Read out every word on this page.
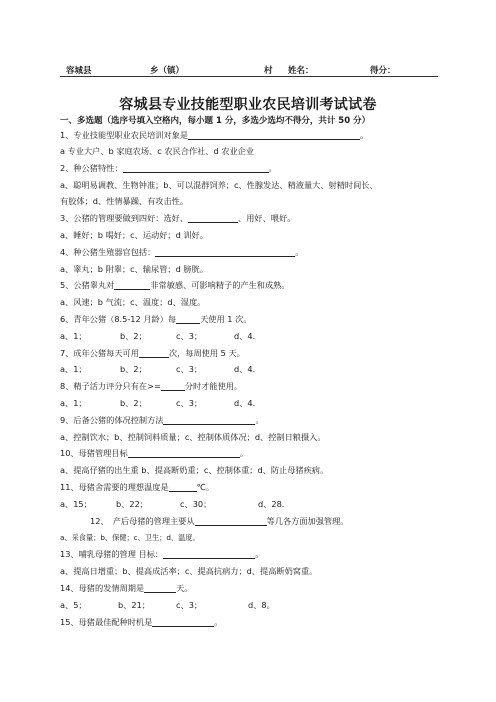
容城县	乡（镇）	村 姓名：	得分：
容城县专业技能型职业农民培训考试试卷
一、多选题（选序号填入空格内，每小题 1 分，多选少选均不得分，共计 50 分）
1、专业技能型职业农民培训对象是	。
a 专业大户、b 家庭农场、c 农民合作社、d 农业企业
2、种公猪特性：	。
a、聪明易调教、生物钟准；b、可以混群饲养；c、性腺发达、精液量大、射精时间长、
有胶体；d、性情暴躁、有攻击性。
3、公猪的管理要做到四好：选好、	、用好、喂好。
a、睡好；b 喝好；c、运动好；d 训好。
4、种公猪生殖器官包括：	。
a、睾丸；b 附睾；c、输尿管；d 膀胱。
5、公猪睾丸对	非常敏感、可影响精子的产生和成熟。
a、风速；b 气流；c、温度；d、湿度。
6、青年公猪（8.5-12 月龄）每	天使用 1 次。
a、1；	b、2；	c、3；	d、4.
7、成年公猪每天可用	次，每周使用 5 天。
a、1；	b、2；	c、3；	d、4.
8、精子活力评分只有在>=	分时才能使用。
a、1；	b、2；	c、3；	d、4.
9、后备公猪的体况控制方法	。
a、控制饮水；b、控制饲料质量；c、控制体质体况；d、控制日粮摄入。
10、母猪管理目标	。
a、提高仔猪的出生重 b、提高断奶重；c、控制体重；d、防止母猪疾病。
11、母猪舍需要的理想温度是	℃。
a、15；	b、22；	c、30；	d、28.
12、　产后母猪的管理主要从	等几各方面加强管理。
a、采食量；b、保健；c、卫生；d、温度。
13、哺乳母猪的管理 目标：	。
a、提高日增重；b、提高成活率；c、提高抗病力；d、提高断奶窝重。
14、母猪的发情周期是	天。
a、5；	b、21；	c、3；	d、8。
15、母猪最佳配种时机是	。
